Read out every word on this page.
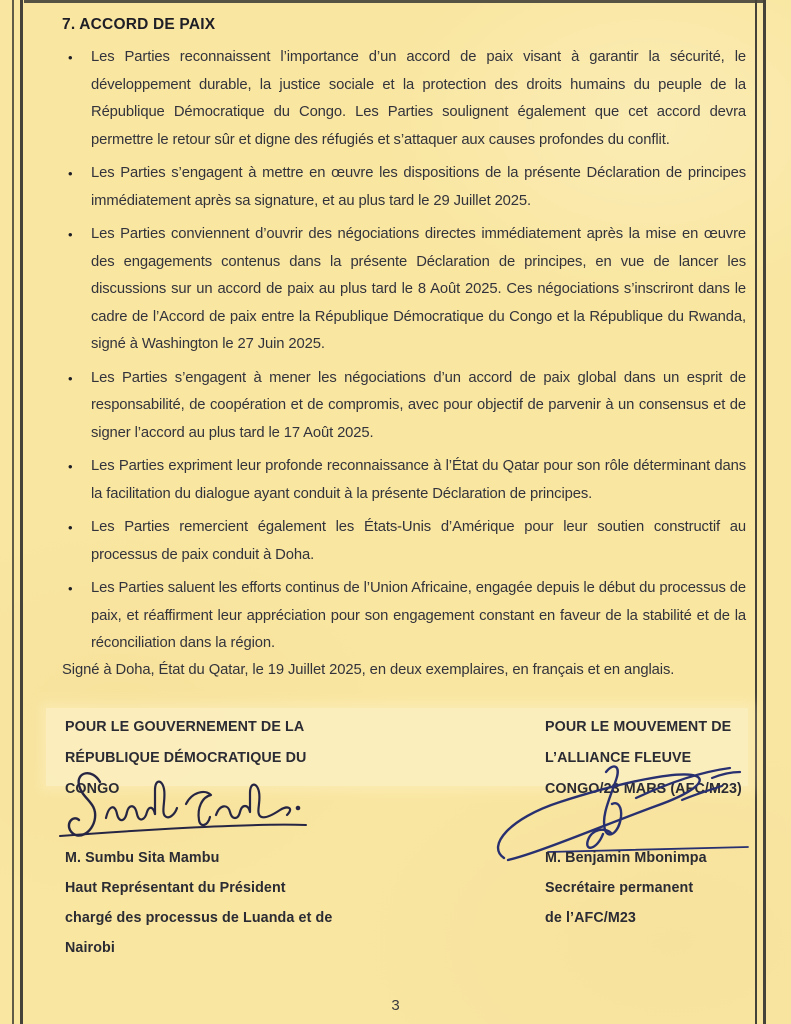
7. ACCORD DE PAIX
• Les Parties reconnaissent l’importance d’un accord de paix visant à garantir la sécurité, le développement durable, la justice sociale et la protection des droits humains du peuple de la République Démocratique du Congo. Les Parties soulignent également que cet accord devra permettre le retour sûr et digne des réfugiés et s’attaquer aux causes profondes du conflit.
• Les Parties s’engagent à mettre en œuvre les dispositions de la présente Déclaration de principes immédiatement après sa signature, et au plus tard le 29 Juillet 2025.
• Les Parties conviennent d’ouvrir des négociations directes immédiatement après la mise en œuvre des engagements contenus dans la présente Déclaration de principes, en vue de lancer les discussions sur un accord de paix au plus tard le 8 Août 2025. Ces négociations s’inscriront dans le cadre de l’Accord de paix entre la République Démocratique du Congo et la République du Rwanda, signé à Washington le 27 Juin 2025.
• Les Parties s’engagent à mener les négociations d’un accord de paix global dans un esprit de responsabilité, de coopération et de compromis, avec pour objectif de parvenir à un consensus et de signer l’accord au plus tard le 17 Août 2025.
• Les Parties expriment leur profonde reconnaissance à l’État du Qatar pour son rôle déterminant dans la facilitation du dialogue ayant conduit à la présente Déclaration de principes.
• Les Parties remercient également les États-Unis d’Amérique pour leur soutien constructif au processus de paix conduit à Doha.
• Les Parties saluent les efforts continus de l’Union Africaine, engagée depuis le début du processus de paix, et réaffirment leur appréciation pour son engagement constant en faveur de la stabilité et de la réconciliation dans la région.
Signé à Doha, État du Qatar, le 19 Juillet 2025, en deux exemplaires, en français et en anglais.
POUR LE GOUVERNEMENT DE LA
RÉPUBLIQUE DÉMOCRATIQUE DU
CONGO
POUR LE MOUVEMENT DE
L’ALLIANCE FLEUVE
CONGO/23 MARS (AFC/M23)
M. Sumbu Sita Mambu
Haut Représentant du Président
chargé des processus de Luanda et de
Nairobi
M. Benjamin Mbonimpa
Secrétaire permanent
de l’AFC/M23
3
